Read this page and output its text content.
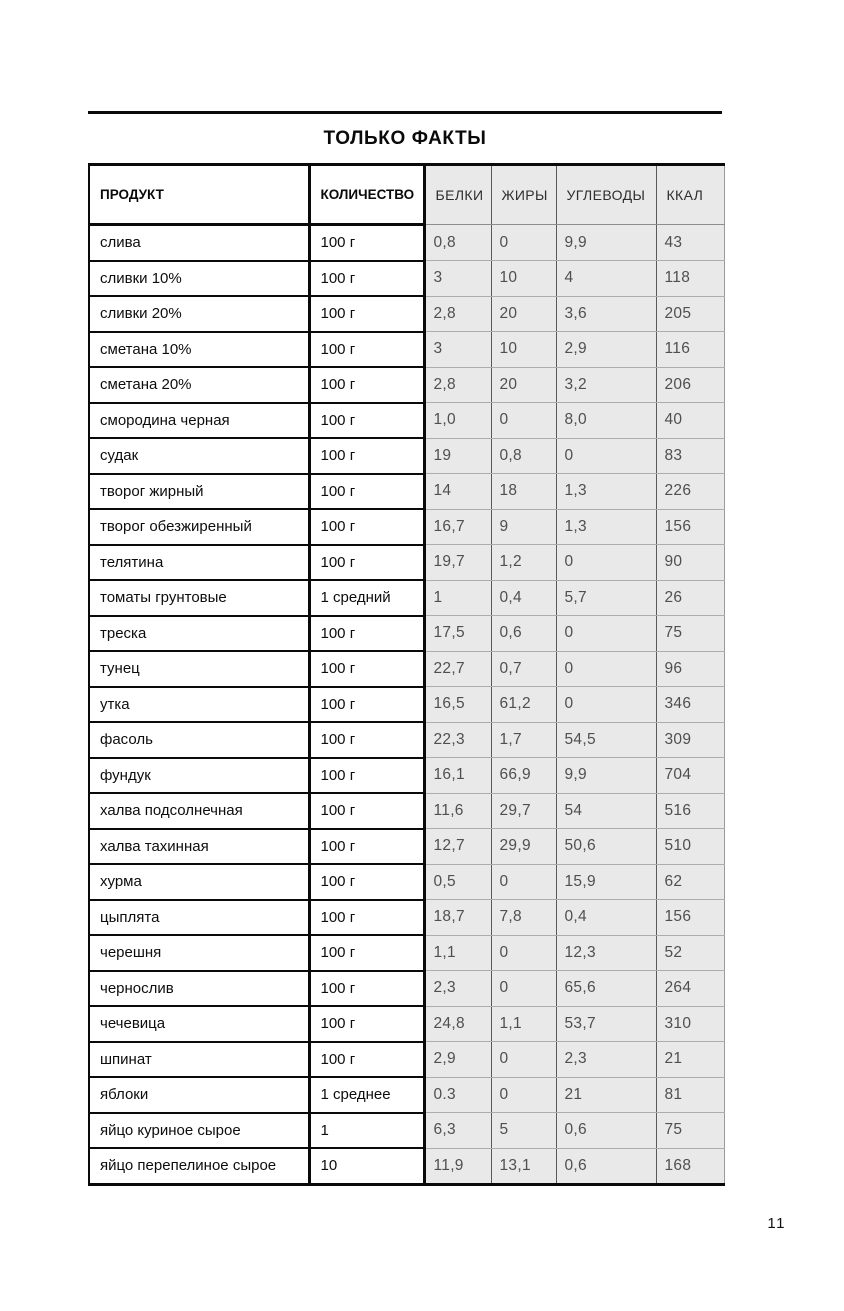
ТОЛЬКО ФАКТЫ
ПРОДУКТ	КОЛИЧЕСТВО	БЕЛКИ	ЖИРЫ	УГЛЕВОДЫ	ККАЛ
слива	100 г	0,8	0	9,9	43
сливки 10%	100 г	3	10	4	118
сливки 20%	100 г	2,8	20	3,6	205
сметана 10%	100 г	3	10	2,9	116
сметана 20%	100 г	2,8	20	3,2	206
смородина черная	100 г	1,0	0	8,0	40
судак	100 г	19	0,8	0	83
творог жирный	100 г	14	18	1,3	226
творог обезжиренный	100 г	16,7	9	1,3	156
телятина	100 г	19,7	1,2	0	90
томаты грунтовые	1 средний	1	0,4	5,7	26
треска	100 г	17,5	0,6	0	75
тунец	100 г	22,7	0,7	0	96
утка	100 г	16,5	61,2	0	346
фасоль	100 г	22,3	1,7	54,5	309
фундук	100 г	16,1	66,9	9,9	704
халва подсолнечная	100 г	11,6	29,7	54	516
халва тахинная	100 г	12,7	29,9	50,6	510
хурма	100 г	0,5	0	15,9	62
цыплята	100 г	18,7	7,8	0,4	156
черешня	100 г	1,1	0	12,3	52
чернослив	100 г	2,3	0	65,6	264
чечевица	100 г	24,8	1,1	53,7	310
шпинат	100 г	2,9	0	2,3	21
яблоки	1 среднее	0.3	0	21	81
яйцо куриное сырое	1	6,3	5	0,6	75
яйцо перепелиное сырое	10	11,9	13,1	0,6	168
11
